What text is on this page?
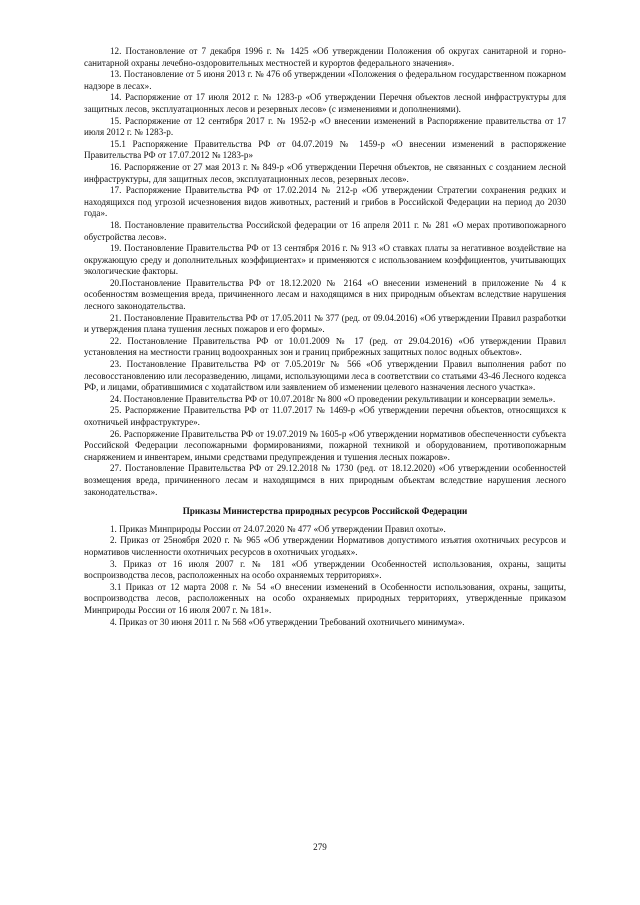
12. Постановление от 7 декабря 1996 г. № 1425 «Об утверждении Положения об округах санитарной и горно-санитарной охраны лечебно-оздоровительных местностей и курортов федерального значения».

13. Постановление от 5 июня 2013 г. № 476 об утверждении «Положения о федеральном государственном пожарном надзоре в лесах».

14. Распоряжение от 17 июля 2012 г. № 1283-р «Об утверждении Перечня объектов лесной инфраструктуры для защитных лесов, эксплуатационных лесов и резервных лесов» (с изменениями и дополнениями).

15. Распоряжение от 12 сентября 2017 г. № 1952-р «О внесении изменений в Распоряжение правительства от 17 июля 2012 г. № 1283-р.

15.1 Распоряжение Правительства РФ от 04.07.2019 № 1459-р «О внесении изменений в распоряжение Правительства РФ от 17.07.2012 № 1283-р»

16. Распоряжение от 27 мая 2013 г. № 849-р «Об утверждении Перечня объектов, не связанных с созданием лесной инфраструктуры, для защитных лесов, эксплуатационных лесов, резервных лесов».

17. Распоряжение Правительства РФ от 17.02.2014 № 212-р «Об утверждении Стратегии сохранения редких и находящихся под угрозой исчезновения видов животных, растений и грибов в Российской Федерации на период до 2030 года».

18. Постановление правительства Российской федерации от 16 апреля 2011 г. № 281 «О мерах противопожарного обустройства лесов».

19. Постановление Правительства РФ от 13 сентября 2016 г. № 913 «О ставках платы за негативное воздействие на окружающую среду и дополнительных коэффициентах» и применяются с использованием коэффициентов, учитывающих экологические факторы.

20.Постановление Правительства РФ от 18.12.2020 № 2164 «О внесении изменений в приложение № 4 к особенностям возмещения вреда, причиненного лесам и находящимся в них природным объектам вследствие нарушения лесного законодательства.

21. Постановление Правительства РФ от 17.05.2011 № 377 (ред. от 09.04.2016) «Об утверждении Правил разработки и утверждения плана тушения лесных пожаров и его формы».

22. Постановление Правительства РФ от 10.01.2009 № 17 (ред. от 29.04.2016) «Об утверждении Правил установления на местности границ водоохранных зон и границ прибрежных защитных полос водных объектов».

23. Постановление Правительства РФ от 7.05.2019г № 566 «Об утверждении Правил выполнения работ по лесовосстановлению или лесоразведению, лицами, использующими леса в соответствии со статьями 43-46 Лесного кодекса РФ, и лицами, обратившимися с ходатайством или заявлением об изменении целевого назначения лесного участка».

24. Постановление Правительства РФ от 10.07.2018г № 800 «О проведении рекультивации и консервации земель».

25. Распоряжение Правительства РФ от 11.07.2017 № 1469-р «Об утверждении перечня объектов, относящихся к охотничьей инфраструктуре».

26. Распоряжение Правительства РФ от 19.07.2019 № 1605-р «Об утверждении нормативов обеспеченности субъекта Российской Федерации лесопожарными формированиями, пожарной техникой и оборудованием, противопожарным снаряжением и инвентарем, иными средствами предупреждения и тушения лесных пожаров».

27. Постановление Правительства РФ от 29.12.2018 № 1730 (ред. от 18.12.2020) «Об утверждении особенностей возмещения вреда, причиненного лесам и находящимся в них природным объектам вследствие нарушения лесного законодательства».

Приказы Министерства природных ресурсов Российской Федерации

1. Приказ Минприроды России от 24.07.2020 № 477 «Об утверждении Правил охоты».

2. Приказ от 25ноября 2020 г. № 965 «Об утверждении Нормативов допустимого изъятия охотничьих ресурсов и нормативов численности охотничьих ресурсов в охотничьих угодьях».

3. Приказ от 16 июля 2007 г. № 181 «Об утверждении Особенностей использования, охраны, защиты воспроизводства лесов, расположенных на особо охраняемых территориях».

3.1 Приказ от 12 марта 2008 г. № 54 «О внесении изменений в Особенности использования, охраны, защиты, воспроизводства лесов, расположенных на особо охраняемых природных территориях, утвержденные приказом Минприроды России от 16 июля 2007 г. № 181».

4. Приказ от 30 июня 2011 г. № 568 «Об утверждении Требований охотничьего минимума».

279
